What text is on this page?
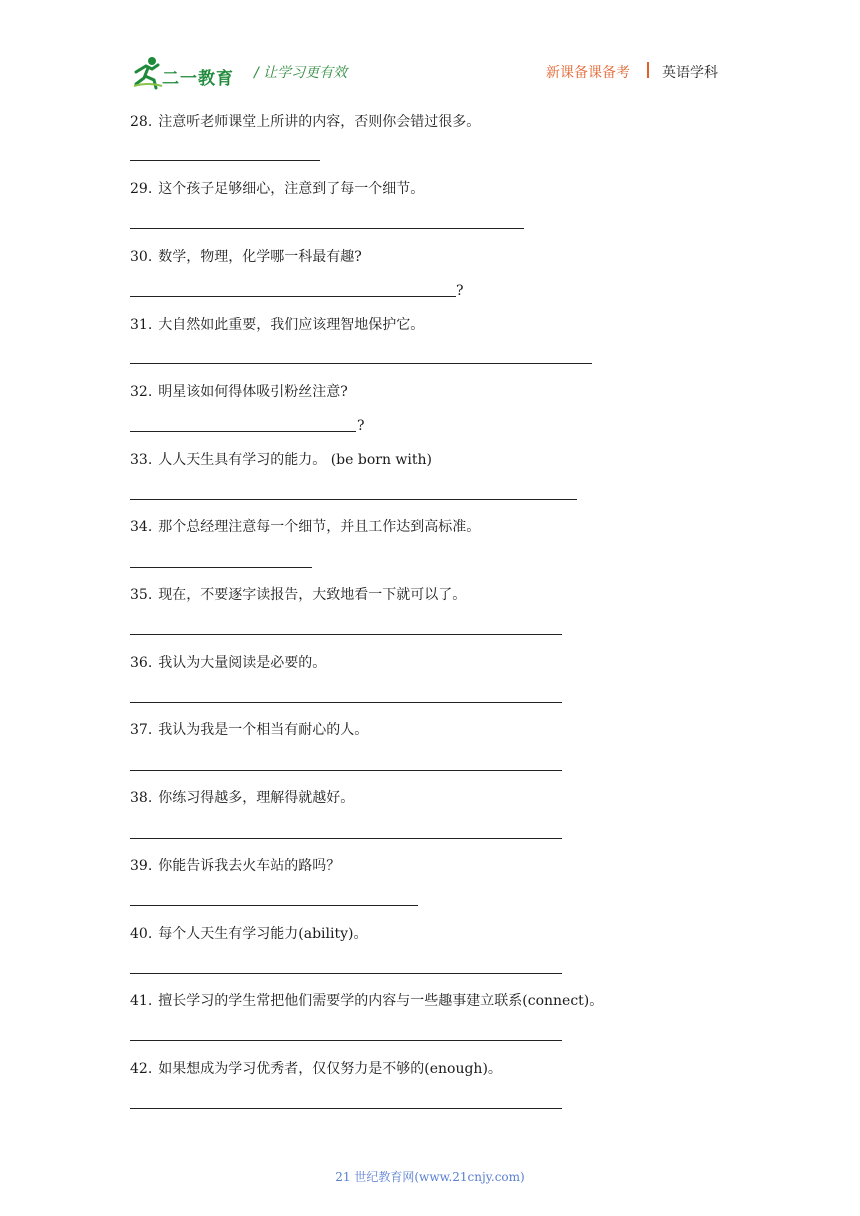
二一教育 / 让学习更有效	新课备课备考 英语学科
28. 注意听老师课堂上所讲的内容，否则你会错过很多。
29. 这个孩子足够细心，注意到了每一个细节。
30. 数学，物理，化学哪一科最有趣?
?
31. 大自然如此重要，我们应该理智地保护它。
32. 明星该如何得体吸引粉丝注意?
?
33. 人人天生具有学习的能力。 (be born with)
34. 那个总经理注意每一个细节，并且工作达到高标准。
35. 现在，不要逐字读报告，大致地看一下就可以了。
36. 我认为大量阅读是必要的。
37. 我认为我是一个相当有耐心的人。
38. 你练习得越多，理解得就越好。
39. 你能告诉我去火车站的路吗？
40. 每个人天生有学习能力(ability)。
41. 擅长学习的学生常把他们需要学的内容与一些趣事建立联系(connect)。
42. 如果想成为学习优秀者，仅仅努力是不够的(enough)。
21 世纪教育网(www.21cnjy.com)
